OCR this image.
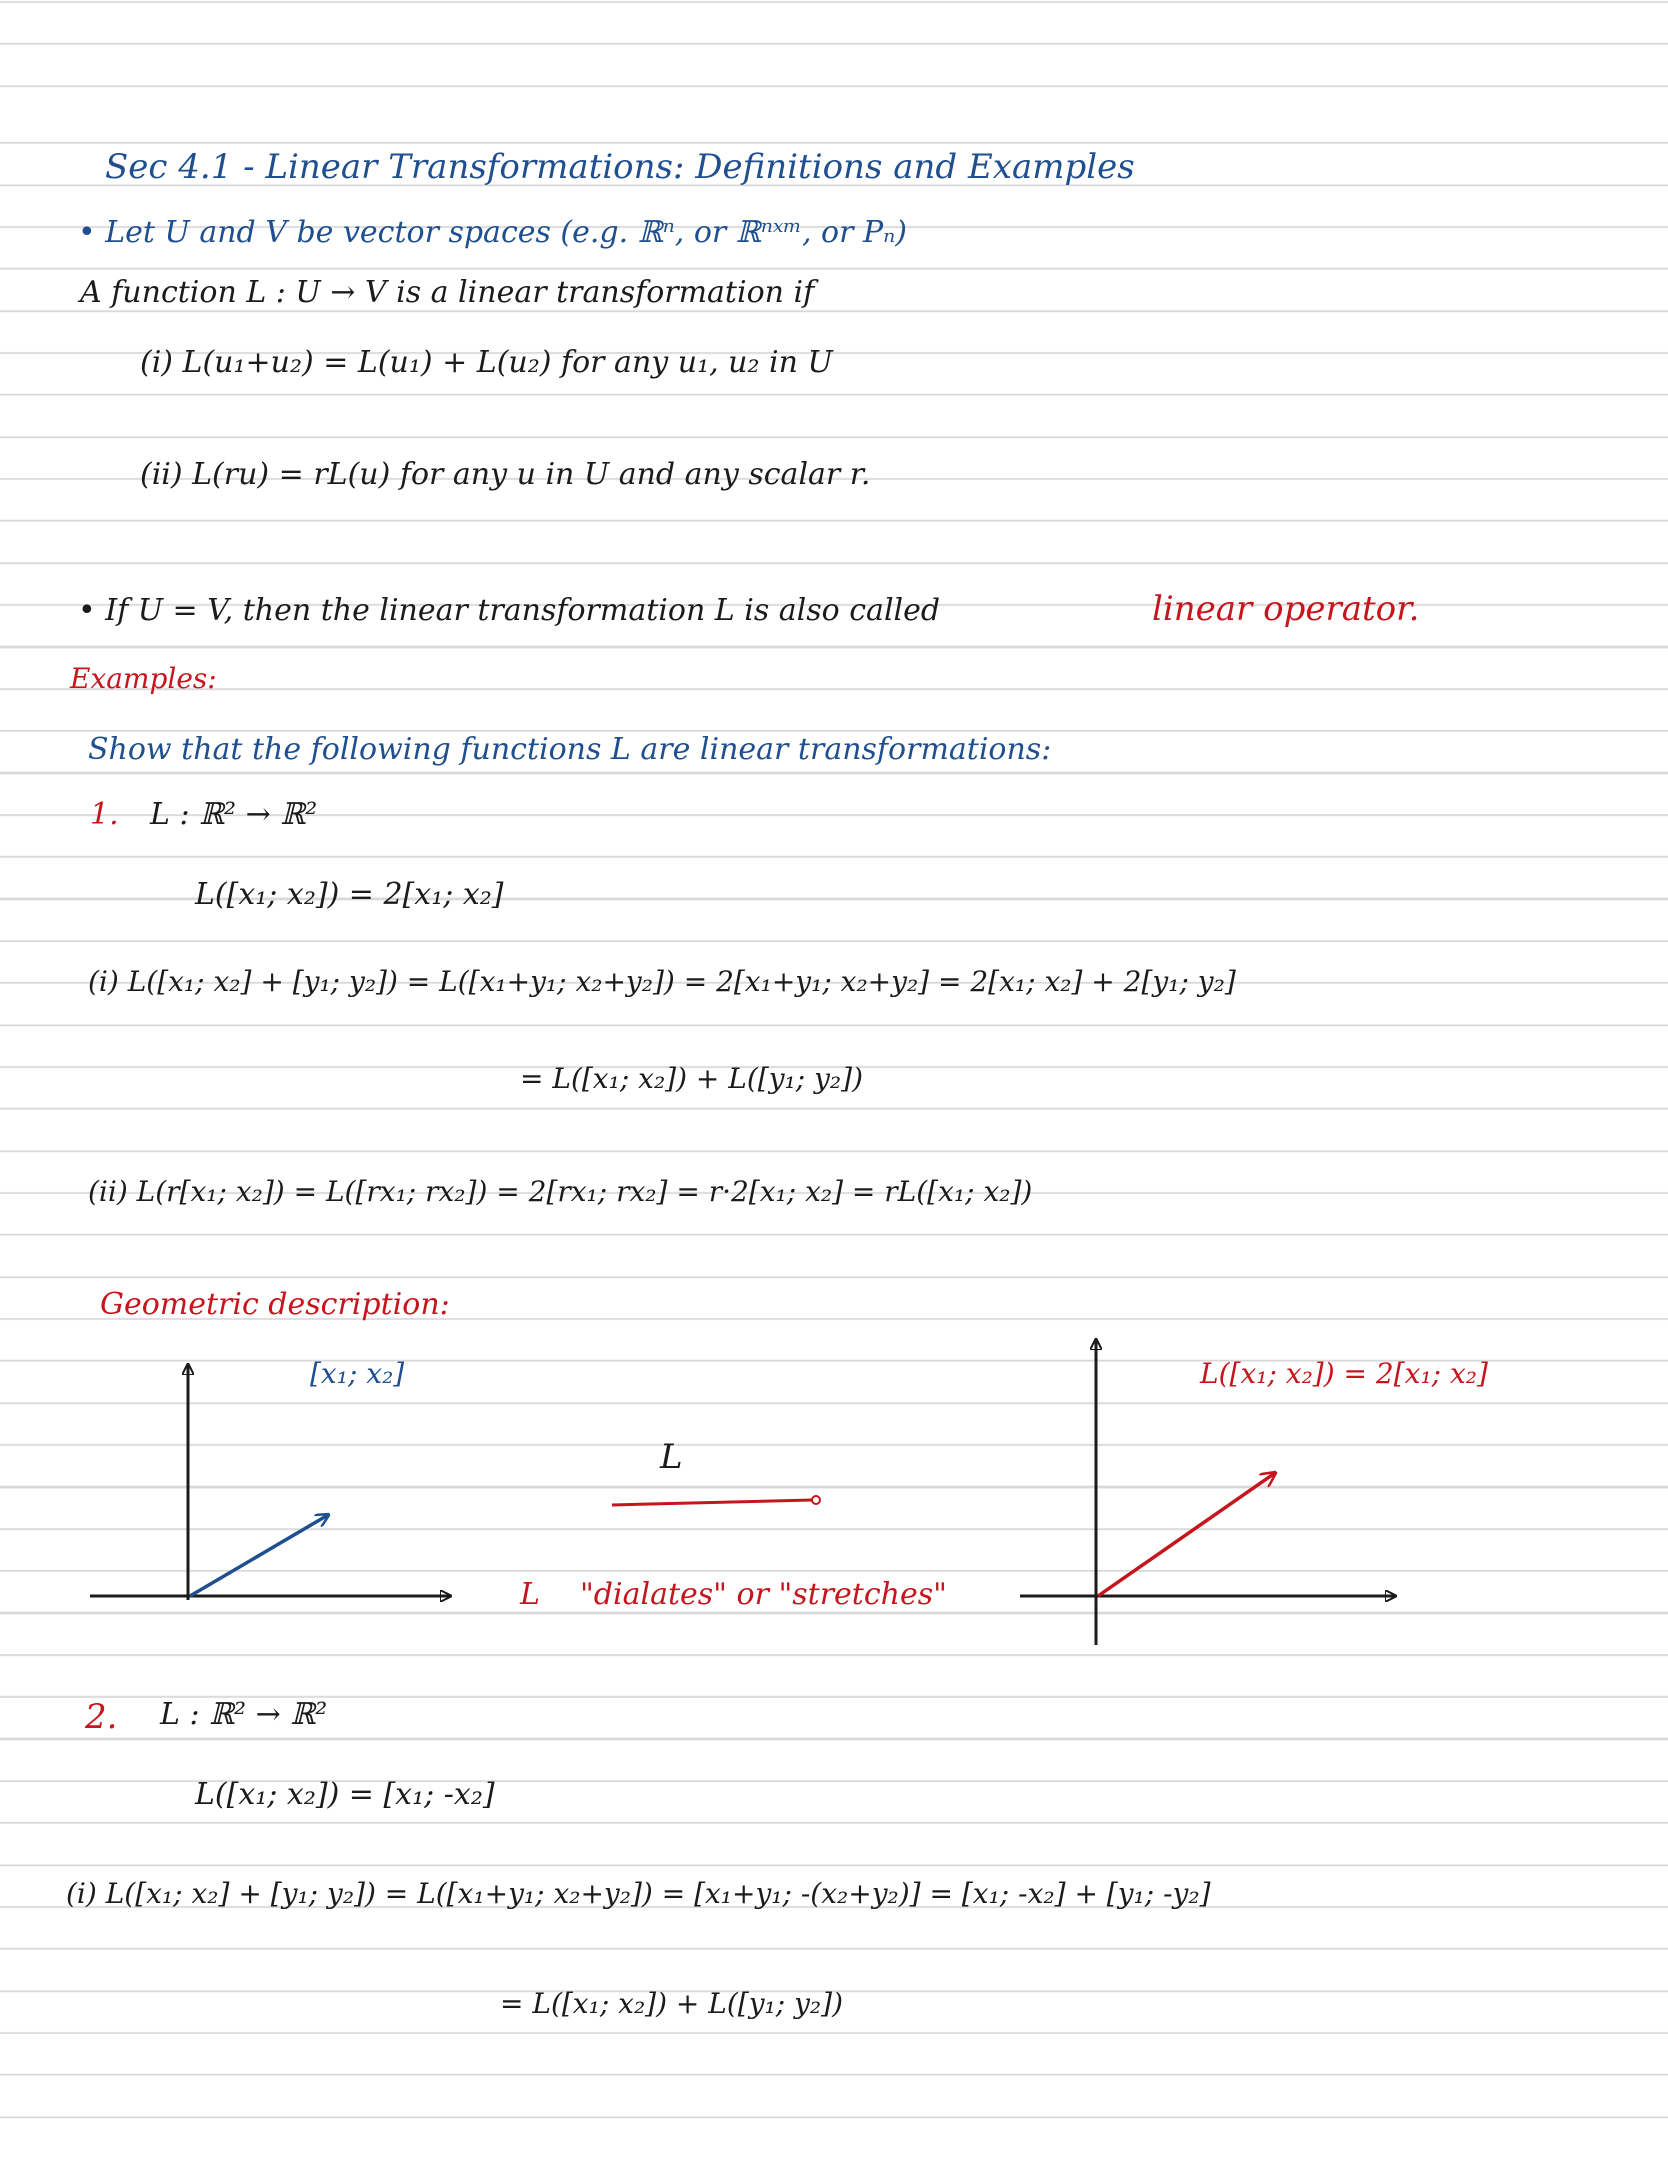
Sec 4.1 - Linear Transformations: Definitions and Examples
• Let U and V be vector spaces (e.g. ℝⁿ, or ℝⁿˣᵐ, or Pₙ)
A function L : U → V is a linear transformation if
(i) L(u₁+u₂) = L(u₁) + L(u₂) for any u₁, u₂ in U
(ii) L(ru) = rL(u) for any u in U and any scalar r.
• If U = V, then the linear transformation L is also called	linear operator.
Examples:
Show that the following functions L are linear transformations:
1. L : ℝ² → ℝ²
L([x₁; x₂]) = 2[x₁; x₂]
(i) L([x₁; x₂] + [y₁; y₂]) = L([x₁+y₁; x₂+y₂]) = 2[x₁+y₁; x₂+y₂] = 2[x₁; x₂] + 2[y₁; y₂]
= L([x₁; x₂]) + L([y₁; y₂])
(ii) L(r[x₁; x₂]) = L([rx₁; rx₂]) = 2[rx₁; rx₂] = r·2[x₁; x₂] = rL([x₁; x₂])
Geometric description:
[x₁; x₂]
L
L "dialates" or "stretches"
L([x₁; x₂]) = 2[x₁; x₂]
2. L : ℝ² → ℝ²
L([x₁; x₂]) = [x₁; -x₂]
(i) L([x₁; x₂] + [y₁; y₂]) = L([x₁+y₁; x₂+y₂]) = [x₁+y₁; -(x₂+y₂)] = [x₁; -x₂] + [y₁; -y₂]
= L([x₁; x₂]) + L([y₁; y₂])
